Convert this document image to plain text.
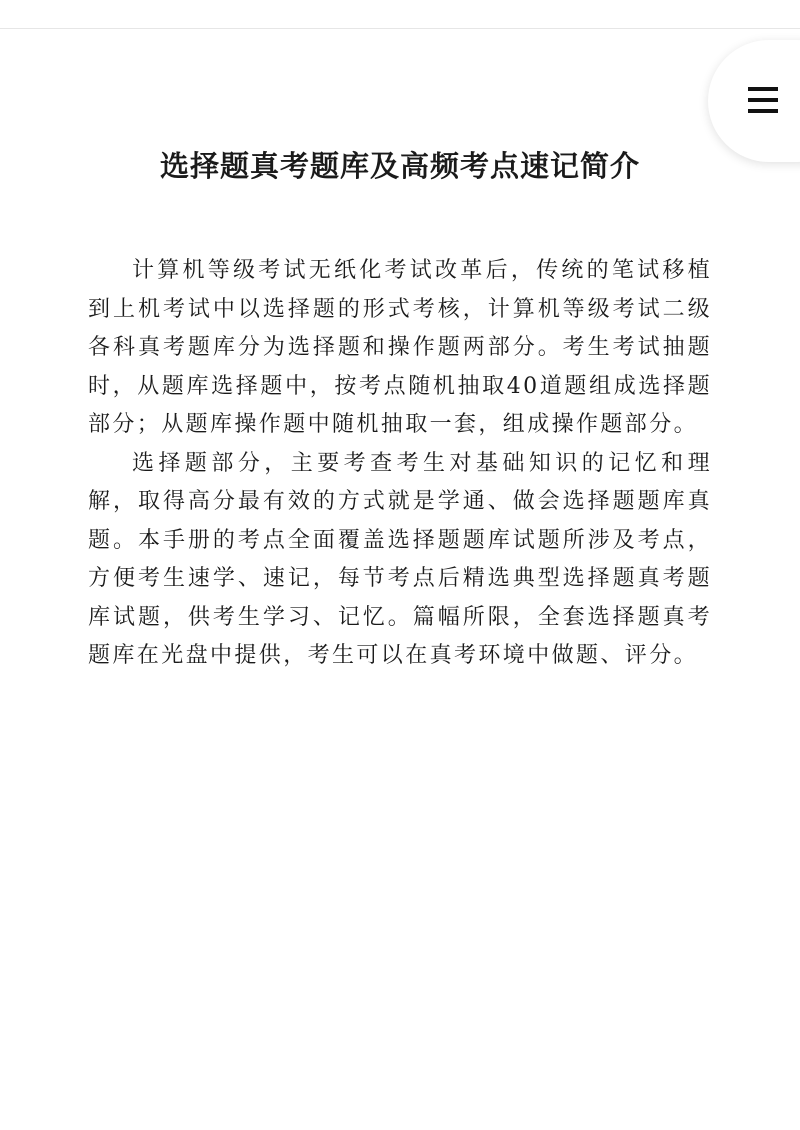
选择题真考题库及高频考点速记简介

计算机等级考试无纸化考试改革后，传统的笔试移植到上机考试中以选择题的形式考核，计算机等级考试二级各科真考题库分为选择题和操作题两部分。考生考试抽题时，从题库选择题中，按考点随机抽取40道题组成选择题部分；从题库操作题中随机抽取一套，组成操作题部分。

选择题部分，主要考查考生对基础知识的记忆和理解，取得高分最有效的方式就是学通、做会选择题题库真题。本手册的考点全面覆盖选择题题库试题所涉及考点，方便考生速学、速记，每节考点后精选典型选择题真考题库试题，供考生学习、记忆。篇幅所限，全套选择题真考题库在光盘中提供，考生可以在真考环境中做题、评分。
